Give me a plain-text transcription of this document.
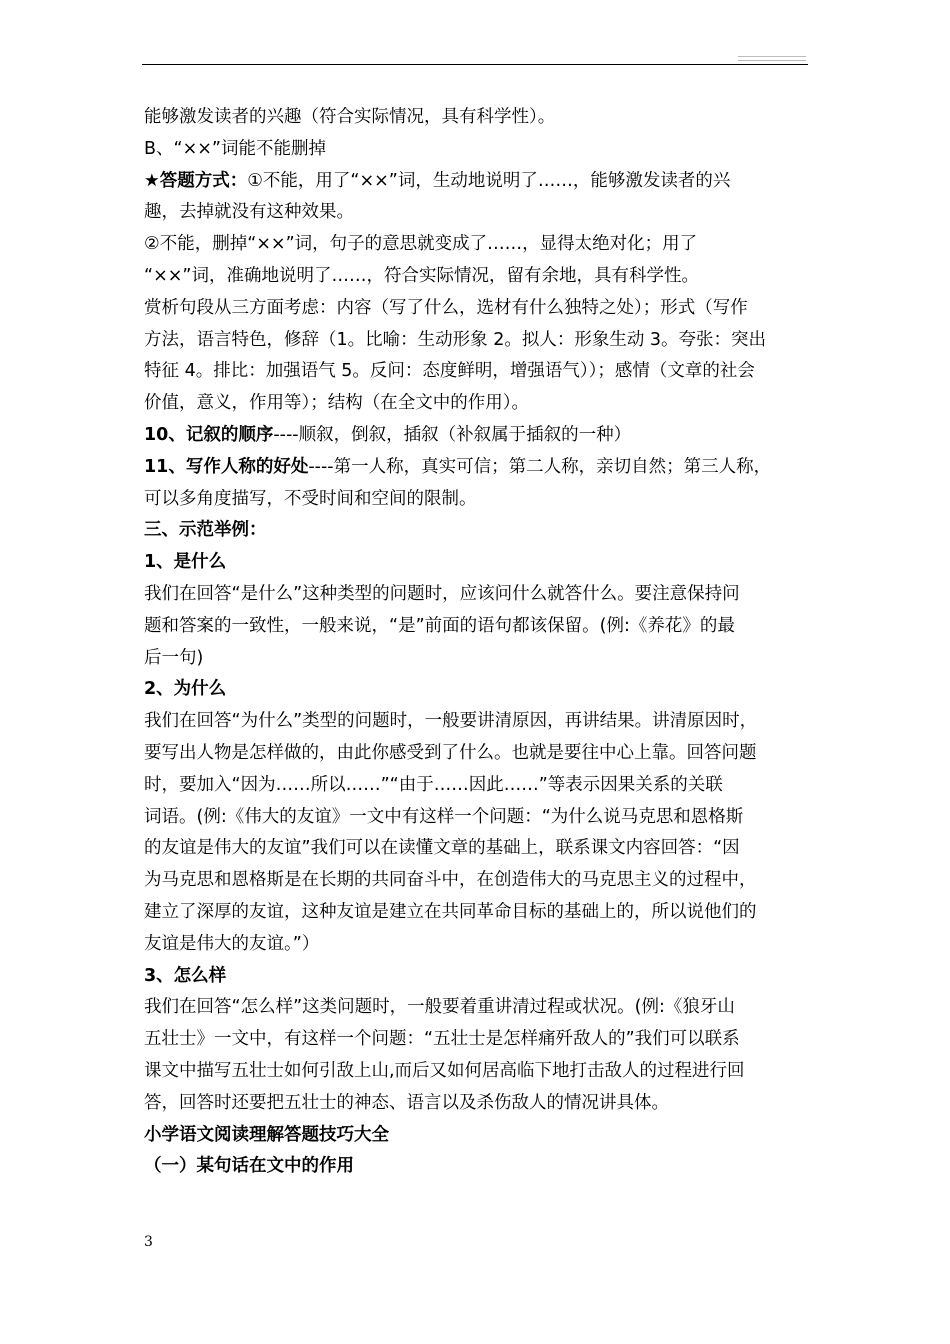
能够激发读者的兴趣（符合实际情况，具有科学性）。

B、“××”词能不能删掉

★答题方式：①不能，用了“××”词，生动地说明了……，能够激发读者的兴

趣，去掉就没有这种效果。

②不能，删掉“××”词，句子的意思就变成了……，显得太绝对化；用了

“××”词，准确地说明了……，符合实际情况，留有余地，具有科学性。

赏析句段从三方面考虑：内容（写了什么，选材有什么独特之处）；形式（写作

方法，语言特色，修辞（1。比喻：生动形象 2。拟人：形象生动 3。夸张：突出

特征 4。排比：加强语气 5。反问：态度鲜明，增强语气））；感情（文章的社会

价值，意义，作用等）；结构（在全文中的作用）。

10、记叙的顺序----顺叙，倒叙，插叙（补叙属于插叙的一种）

11、写作人称的好处----第一人称，真实可信；第二人称，亲切自然；第三人称，

可以多角度描写，不受时间和空间的限制。

三、示范举例：

1、是什么

我们在回答“是什么”这种类型的问题时，应该问什么就答什么。要注意保持问

题和答案的一致性，一般来说，“是”前面的语句都该保留。(例:《养花》的最

后一句)

2、为什么

我们在回答“为什么”类型的问题时，一般要讲清原因，再讲结果。讲清原因时，

要写出人物是怎样做的，由此你感受到了什么。也就是要往中心上靠。回答问题

时，要加入“因为……所以……”“由于……因此……”等表示因果关系的关联

词语。(例:《伟大的友谊》一文中有这样一个问题：“为什么说马克思和恩格斯

的友谊是伟大的友谊”我们可以在读懂文章的基础上，联系课文内容回答：“因

为马克思和恩格斯是在长期的共同奋斗中，在创造伟大的马克思主义的过程中，

建立了深厚的友谊，这种友谊是建立在共同革命目标的基础上的，所以说他们的

友谊是伟大的友谊。”）

3、怎么样

我们在回答“怎么样”这类问题时，一般要着重讲清过程或状况。(例:《狼牙山

五壮士》一文中，有这样一个问题：“五壮士是怎样痛歼敌人的”我们可以联系

课文中描写五壮士如何引敌上山,而后又如何居高临下地打击敌人的过程进行回

答，回答时还要把五壮士的神态、语言以及杀伤敌人的情况讲具体。

小学语文阅读理解答题技巧大全

（一）某句话在文中的作用

3
